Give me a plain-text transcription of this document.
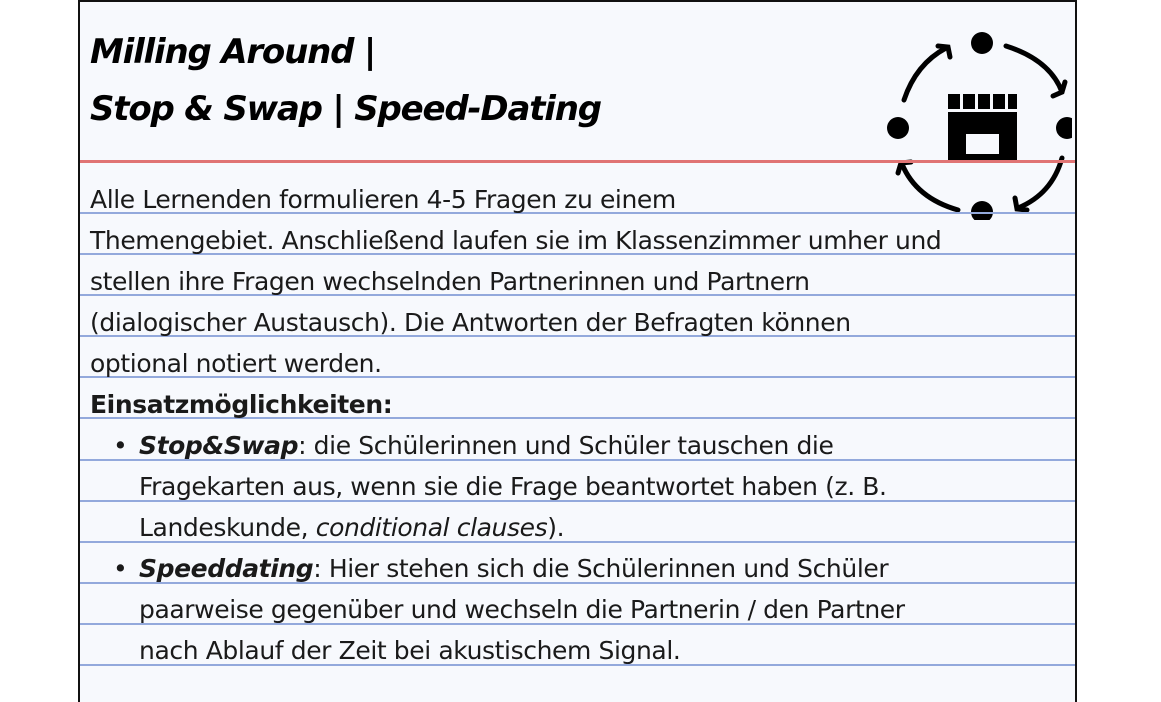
Milling Around |
Stop & Swap | Speed-Dating
Alle Lernenden formulieren 4-5 Fragen zu einem
Themengebiet. Anschließend laufen sie im Klassenzimmer umher und
stellen ihre Fragen wechselnden Partnerinnen und Partnern
(dialogischer Austausch). Die Antworten der Befragten können
optional notiert werden.
Einsatzmöglichkeiten:
• Stop&Swap: die Schülerinnen und Schüler tauschen die
Fragekarten aus, wenn sie die Frage beantwortet haben (z. B.
Landeskunde, conditional clauses).
• Speeddating: Hier stehen sich die Schülerinnen und Schüler
paarweise gegenüber und wechseln die Partnerin / den Partner
nach Ablauf der Zeit bei akustischem Signal.
